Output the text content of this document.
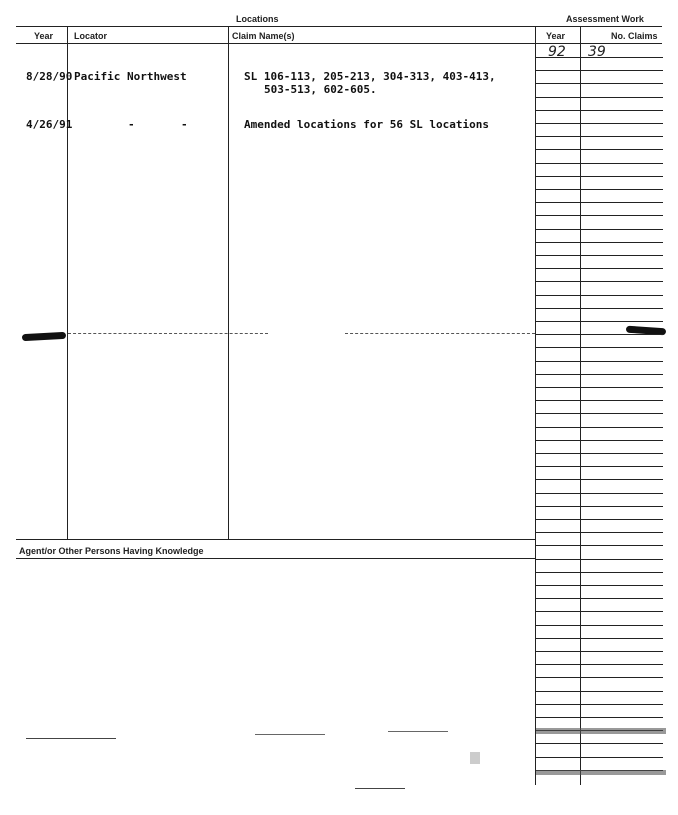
Locations	Assessment Work
Year Locator	Claim Name(s)	Year	No. Claims
8/28/90 Pacific Northwest	SL 106-113, 205-213, 304-313, 403-413,
503-513, 602-605.
4/26/91	-       -	Amended locations for 56 SL locations
92 39
Agent/or Other Persons Having Knowledge
